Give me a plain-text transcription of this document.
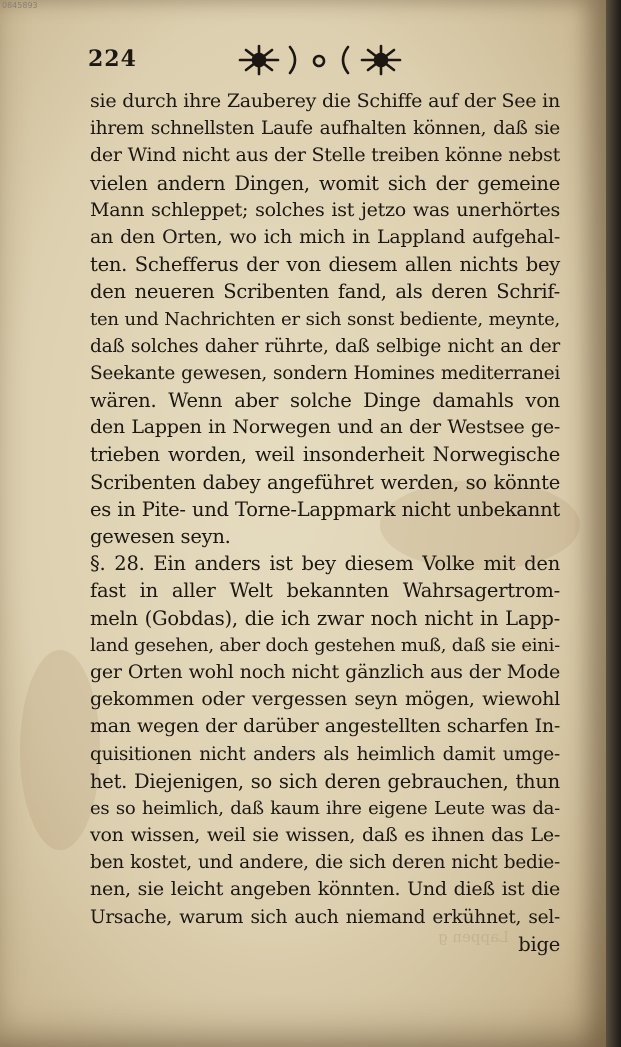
0845893
224
sie durch ihre Zauberey die Schiffe auf der See in
ihrem schnellsten Laufe aufhalten können, daß sie
der Wind nicht aus der Stelle treiben könne nebst
vielen andern Dingen, womit sich der gemeine
Mann schleppet; solches ist jetzo was unerhörtes
an den Orten, wo ich mich in Lappland aufgehal-
ten. Schefferus der von diesem allen nichts bey
den neueren Scribenten fand, als deren Schrif-
ten und Nachrichten er sich sonst bediente, meynte,
daß solches daher rührte, daß selbige nicht an der
Seekante gewesen, sondern Homines mediterranei
wären. Wenn aber solche Dinge damahls von
den Lappen in Norwegen und an der Westsee ge-
trieben worden, weil insonderheit Norwegische
Scribenten dabey angeführet werden, so könnte
es in Pite- und Torne-Lappmark nicht unbekannt
gewesen seyn.
§. 28. Ein anders ist bey diesem Volke mit den
fast in aller Welt bekannten Wahrsagertrom-
meln (Gobdas), die ich zwar noch nicht in Lapp-
land gesehen, aber doch gestehen muß, daß sie eini-
ger Orten wohl noch nicht gänzlich aus der Mode
gekommen oder vergessen seyn mögen, wiewohl
man wegen der darüber angestellten scharfen In-
quisitionen nicht anders als heimlich damit umge-
het. Diejenigen, so sich deren gebrauchen, thun
es so heimlich, daß kaum ihre eigene Leute was da-
von wissen, weil sie wissen, daß es ihnen das Le-
ben kostet, und andere, die sich deren nicht bedie-
nen, sie leicht angeben könnten. Und dieß ist die
Ursache, warum sich auch niemand erkühnet, sel-
bige
Lappen g
